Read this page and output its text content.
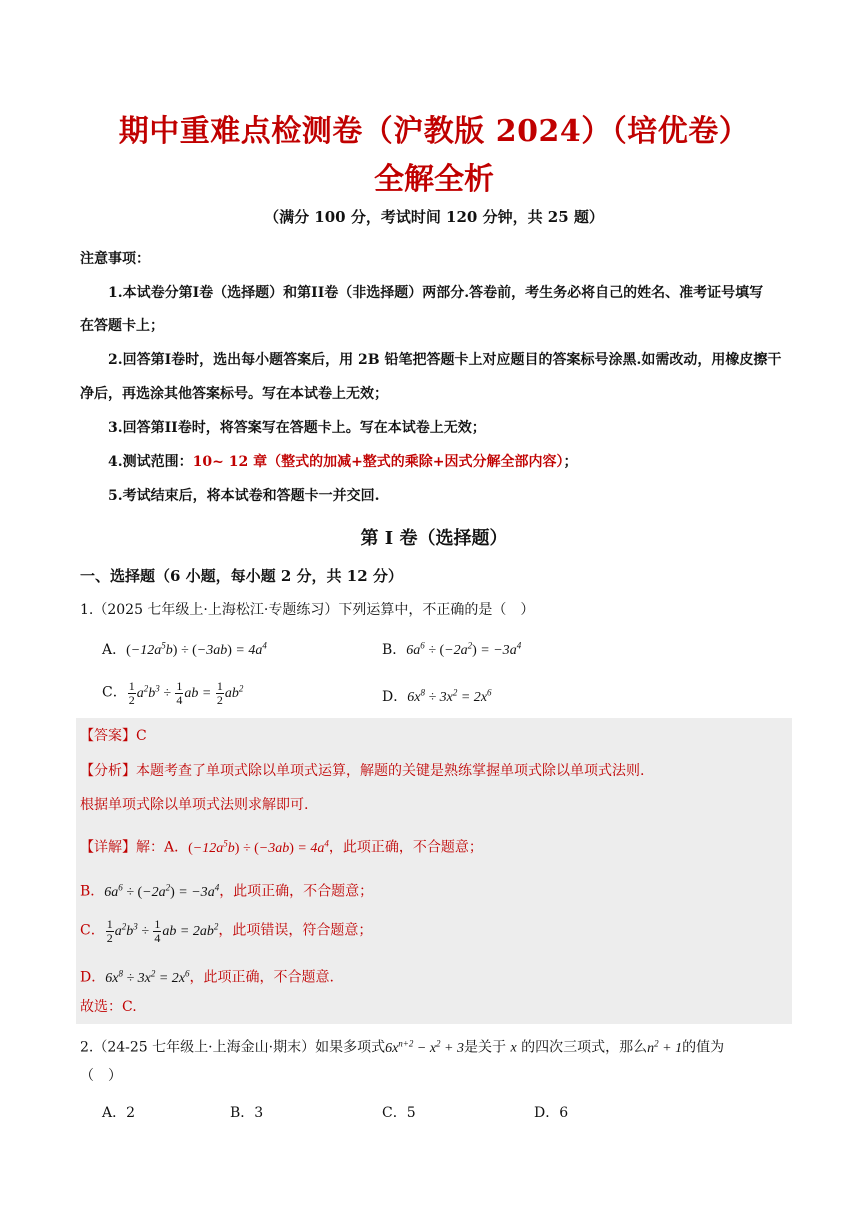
期中重难点检测卷（沪教版 2024）（培优卷）
全解全析
（满分 100 分，考试时间 120 分钟，共 25 题）
注意事项：
1.本试卷分第I卷（选择题）和第II卷（非选择题）两部分.答卷前，考生务必将自己的姓名、准考证号填写
在答题卡上；
2.回答第I卷时，选出每小题答案后，用 2B 铅笔把答题卡上对应题目的答案标号涂黑.如需改动，用橡皮擦干
净后，再选涂其他答案标号。写在本试卷上无效；
3.回答第II卷时，将答案写在答题卡上。写在本试卷上无效；
4.测试范围：10~ 12 章（整式的加减+整式的乘除+因式分解全部内容）；
5.考试结束后，将本试卷和答题卡一并交回.
第 I 卷（选择题）
一、选择题（6 小题，每小题 2 分，共 12 分）
1.（2025 七年级上·上海松江·专题练习）下列运算中，不正确的是（　）
A．$(-12a^5b) \div (-3ab) = 4a^4$	B．$6a^6 \div (-2a^2) = -3a^4$
C． $\frac{1}{2} a^2b^3 \div \frac{1}{4}$ ab = $\frac{1}{2} ab^2$
D．$6x^8 \div 3x^2 = 2x^6$
【答案】C
【分析】本题考查了单项式除以单项式运算，解题的关键是熟练掌握单项式除以单项式法则.
根据单项式除以单项式法则求解即可.
【详解】解：A．$(-12a^5b) \div (-3ab) = 4a^4$，此项正确，不合题意；
B．$6a^6 \div (-2a^2) = -3a^4$，此项正确，不合题意；
C． $\frac{1}{2} a^2b^3 \div \frac{1}{4}$ ab = $2ab^2$，此项错误，符合题意；
D．$6x^8 \div 3x^2 = 2x^6$，此项正确，不合题意.
故选：C.
2.（24-25 七年级上·上海金山·期末）如果多项式$6x^{n+2} - x^2 + 3$是关于 x 的四次三项式，那么$n^2 + 1$的值为
（　）
A．2	B．3	C．5	D．6
